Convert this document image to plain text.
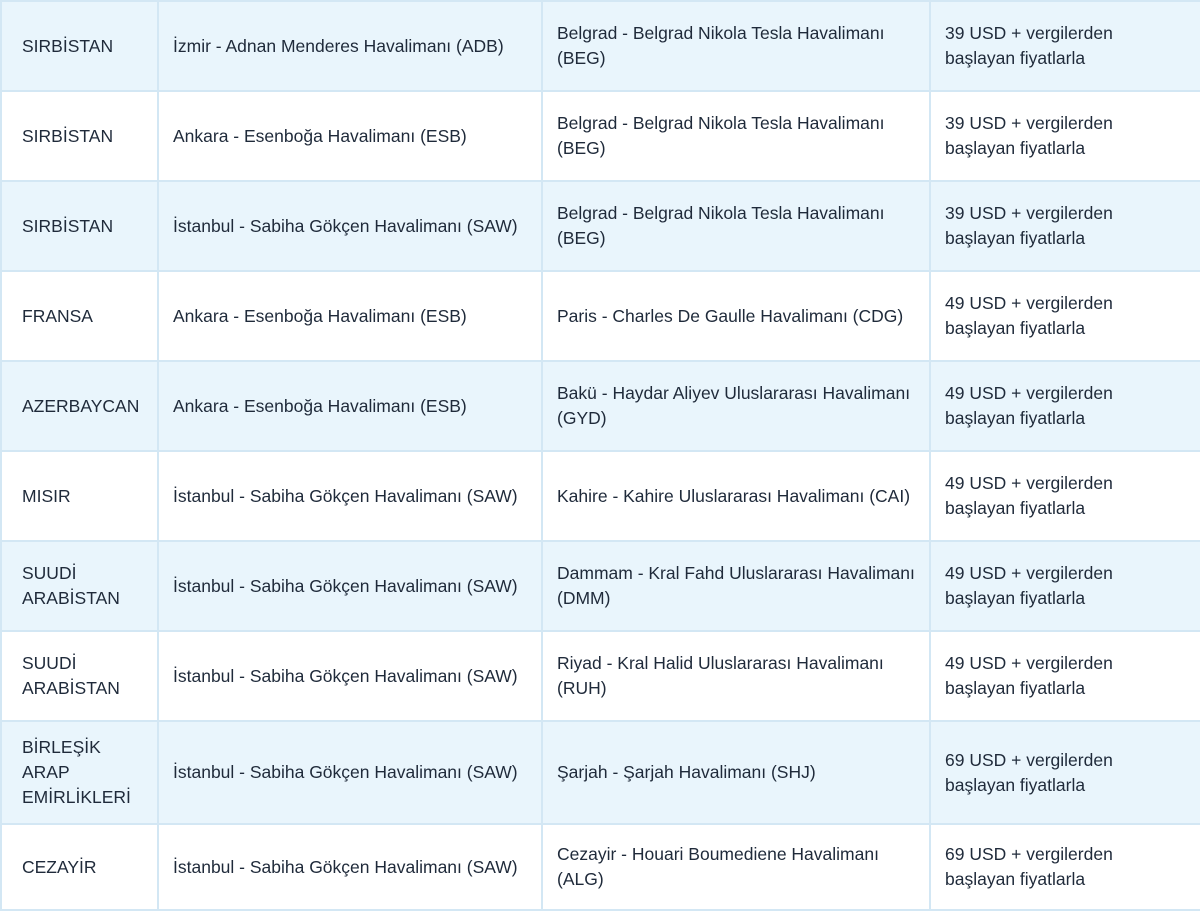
SIRBİSTAN	İzmir - Adnan Menderes Havalimanı (ADB)	Belgrad - Belgrad Nikola Tesla Havalimanı (BEG)	39 USD + vergilerden başlayan fiyatlarla
SIRBİSTAN	Ankara - Esenboğa Havalimanı (ESB)	Belgrad - Belgrad Nikola Tesla Havalimanı (BEG)	39 USD + vergilerden başlayan fiyatlarla
SIRBİSTAN	İstanbul - Sabiha Gökçen Havalimanı (SAW)	Belgrad - Belgrad Nikola Tesla Havalimanı (BEG)	39 USD + vergilerden başlayan fiyatlarla
FRANSA	Ankara - Esenboğa Havalimanı (ESB)	Paris - Charles De Gaulle Havalimanı (CDG)	49 USD + vergilerden başlayan fiyatlarla
AZERBAYCAN	Ankara - Esenboğa Havalimanı (ESB)	Bakü - Haydar Aliyev Uluslararası Havalimanı (GYD)	49 USD + vergilerden başlayan fiyatlarla
MISIR	İstanbul - Sabiha Gökçen Havalimanı (SAW)	Kahire - Kahire Uluslararası Havalimanı (CAI)	49 USD + vergilerden başlayan fiyatlarla
SUUDİ ARABİSTAN	İstanbul - Sabiha Gökçen Havalimanı (SAW)	Dammam - Kral Fahd Uluslararası Havalimanı (DMM)	49 USD + vergilerden başlayan fiyatlarla
SUUDİ ARABİSTAN	İstanbul - Sabiha Gökçen Havalimanı (SAW)	Riyad - Kral Halid Uluslararası Havalimanı (RUH)	49 USD + vergilerden başlayan fiyatlarla
BİRLEŞİK ARAP EMİRLİKLERİ	İstanbul - Sabiha Gökçen Havalimanı (SAW)	Şarjah - Şarjah Havalimanı (SHJ)	69 USD + vergilerden başlayan fiyatlarla
CEZAYİR	İstanbul - Sabiha Gökçen Havalimanı (SAW)	Cezayir - Houari Boumediene Havalimanı (ALG)	69 USD + vergilerden başlayan fiyatlarla
